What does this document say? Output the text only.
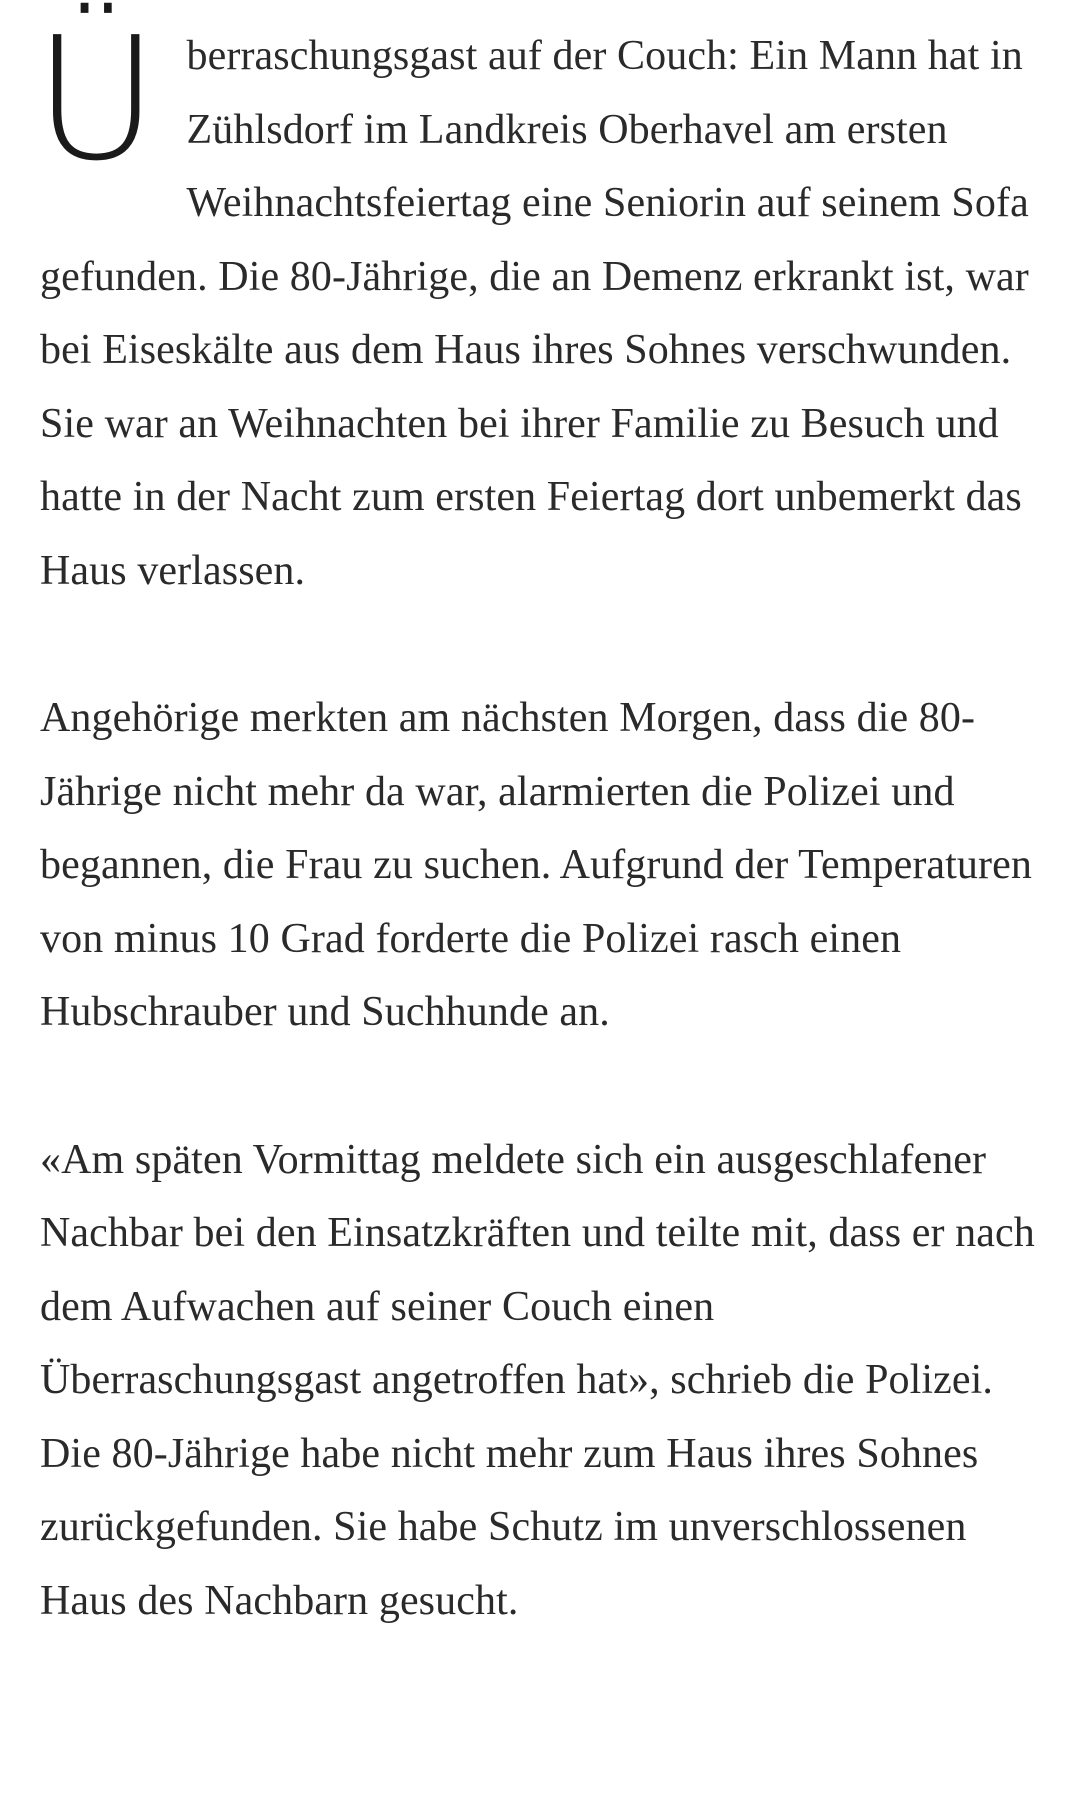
Ü berraschungsgast auf der Couch: Ein Mann hat in Zühlsdorf im Landkreis Oberhavel am ersten Weihnachtsfeiertag eine Seniorin auf seinem Sofa gefunden. Die 80-Jährige, die an Demenz erkrankt ist, war bei Eiseskälte aus dem Haus ihres Sohnes verschwunden. Sie war an Weihnachten bei ihrer Familie zu Besuch und hatte in der Nacht zum ersten Feiertag dort unbemerkt das Haus verlassen.

Angehörige merkten am nächsten Morgen, dass die 80-Jährige nicht mehr da war, alarmierten die Polizei und begannen, die Frau zu suchen. Aufgrund der Temperaturen von minus 10 Grad forderte die Polizei rasch einen Hubschrauber und Suchhunde an.

«Am späten Vormittag meldete sich ein ausgeschlafener Nachbar bei den Einsatzkräften und teilte mit, dass er nach dem Aufwachen auf seiner Couch einen Überraschungsgast angetroffen hat», schrieb die Polizei. Die 80-Jährige habe nicht mehr zum Haus ihres Sohnes zurückgefunden. Sie habe Schutz im unverschlossenen Haus des Nachbarn gesucht.
